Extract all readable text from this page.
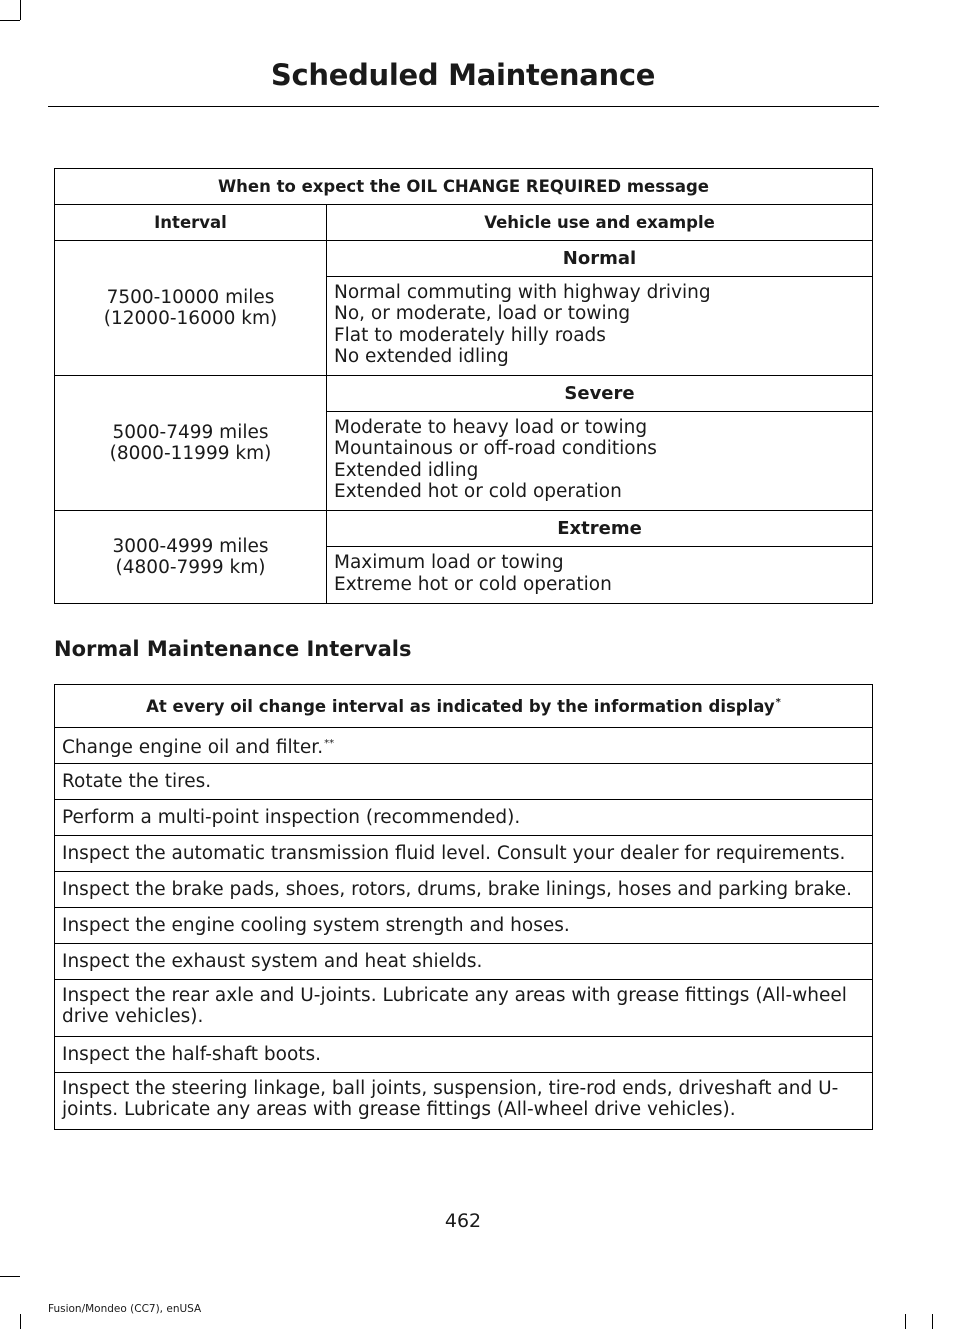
Scheduled Maintenance
When to expect the OIL CHANGE REQUIRED message	
Interval	Vehicle use and example

7500-10000 miles
(12000-16000 km)	Normal

	Normal commuting with highway driving
No, or moderate, load or towing
Flat to moderately hilly roads
No extended idling

5000-7499 miles
(8000-11999 km)	Severe

	Moderate to heavy load or towing
Mountainous or off-road conditions
Extended idling
Extended hot or cold operation

3000-4999 miles
(4800-7999 km)	Extreme

	Maximum load or towing
Extreme hot or cold operation
Normal Maintenance Intervals
At every oil change interval as indicated by the information display*
Change engine oil and filter.**
Rotate the tires.
Perform a multi-point inspection (recommended).
Inspect the automatic transmission fluid level. Consult your dealer for requirements.
Inspect the brake pads, shoes, rotors, drums, brake linings, hoses and parking brake.
Inspect the engine cooling system strength and hoses.
Inspect the exhaust system and heat shields.
Inspect the rear axle and U-joints. Lubricate any areas with grease fittings (All-wheel drive vehicles).
Inspect the half-shaft boots.
Inspect the steering linkage, ball joints, suspension, tire-rod ends, driveshaft and U-joints. Lubricate any areas with grease fittings (All-wheel drive vehicles).
462
Fusion/Mondeo (CC7), enUSA
